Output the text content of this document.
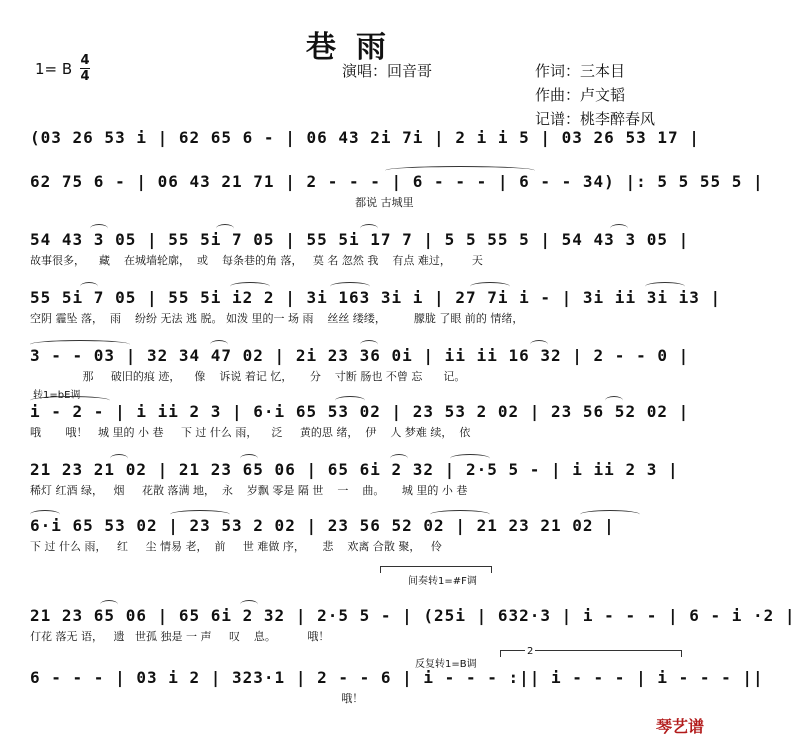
巷雨
演唱：回音哥	作词：三本目
作曲：卢文韬
记谱：桃李醉春风
1= B 4
4
(03 26 53 i | 62 65 6 - | 06 43 2i 7i | 2 i i 5 | 03 26 53 17 |
62 75 6 - | 06 43 21 71 | 2 - - - | 6 - - - | 6 - - 34) |: 5 5 55 5 |
都说 古城里
54 43 3 05 | 55 5i 7 05 | 55 5i 17 7 | 5 5 55 5 | 54 43 3 05 |
故事很多，    藏    在城墙轮廓，  或    每条巷的角 落，   莫 名 忽然 我    有点 难过，      天
55 5i 7 05 | 55 5i i2 2 | 3i 163 3i i | 27 7i i - | 3i ii 3i i3 |
空阴 霾坠 落，  雨    纷纷 无法 逃 脱。 如泼 里的一 场 雨    丝丝 缕缕，        朦胧 了眼 前的 情绪，
3 - - 03 | 32 34 47 02 | 2i 23 36 0i | ii ii 16 32 | 2 - - 0 |
那     破旧的痕 迹，    像    诉说 着记 忆，     分    寸断 肠也 不曾 忘      记。
转1=bE调
i - 2 - | i ii 2 3 | 6·i 65 53 02 | 23 53 2 02 | 23 56 52 02 |
哦       哦！   城 里的 小 巷     下 过 什么 雨，    泛     黄的思 绪，  伊    人 梦难 续，  依
21 23 21 02 | 21 23 65 06 | 65 6i 2 32 | 2·5 5 - | i ii 2 3 |
稀灯 红酒 绿，   烟     花散 落满 地，  永    岁飘 零是 隔 世    一    曲。     城 里的 小 巷
6·i 65 53 02 | 23 53 2 02 | 23 56 52 02 | 21 23 21 02 |
下 过 什么 雨，   红     尘 情易 老，  前     世 难做 序，     悲    欢离 合散 聚，   伶
间奏转1=#F调
21 23 65 06 | 65 6i 2 32 | 2·5 5 - | (25i | 632·3 | i - - - | 6 - i ·2 |
仃花 落无 语，   遗   世孤 独是 一 声     叹    息。         哦！
反复转1=B调
2
6 - - - | 03 i 2 | 323·1 | 2 - - 6 | i - - - :|| i - - - | i - - - ||
哦！
琴艺谱
